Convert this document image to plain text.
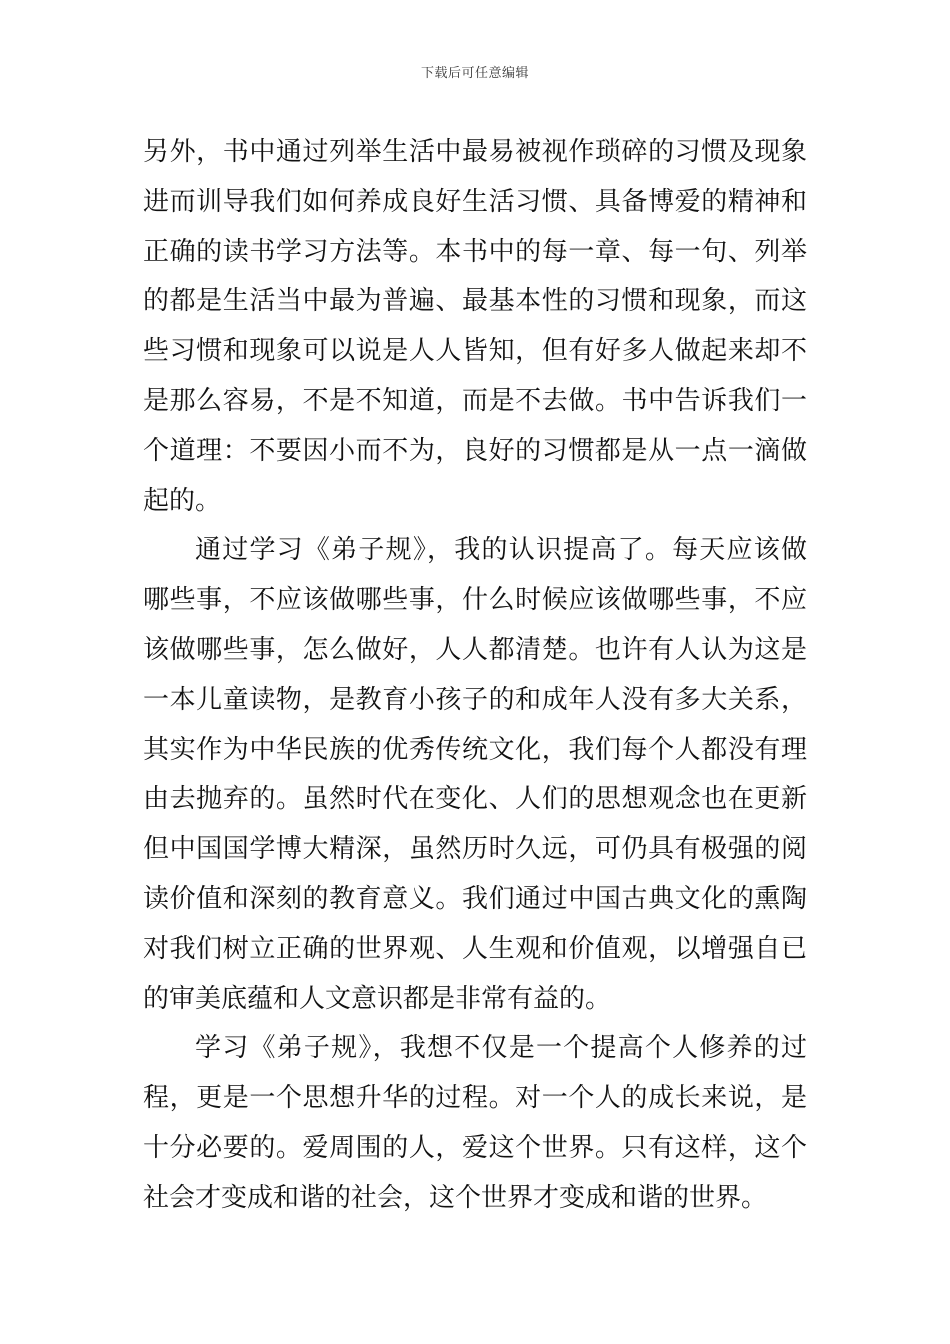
下载后可任意编辑
另外，书中通过列举生活中最易被视作琐碎的习惯及现象
进而训导我们如何养成良好生活习惯、具备博爱的精神和
正确的读书学习方法等。本书中的每一章、每一句、列举
的都是生活当中最为普遍、最基本性的习惯和现象，而这
些习惯和现象可以说是人人皆知，但有好多人做起来却不
是那么容易，不是不知道，而是不去做。书中告诉我们一
个道理：不要因小而不为，良好的习惯都是从一点一滴做
起的。
通过学习《弟子规》，我的认识提高了。每天应该做
哪些事，不应该做哪些事，什么时候应该做哪些事，不应
该做哪些事，怎么做好，人人都清楚。也许有人认为这是
一本儿童读物，是教育小孩子的和成年人没有多大关系，
其实作为中华民族的优秀传统文化，我们每个人都没有理
由去抛弃的。虽然时代在变化、人们的思想观念也在更新
但中国国学博大精深，虽然历时久远，可仍具有极强的阅
读价值和深刻的教育意义。我们通过中国古典文化的熏陶
对我们树立正确的世界观、人生观和价值观，以增强自已
的审美底蕴和人文意识都是非常有益的。
学习《弟子规》，我想不仅是一个提高个人修养的过
程，更是一个思想升华的过程。对一个人的成长来说，是
十分必要的。爱周围的人，爱这个世界。只有这样，这个
社会才变成和谐的社会，这个世界才变成和谐的世界。
